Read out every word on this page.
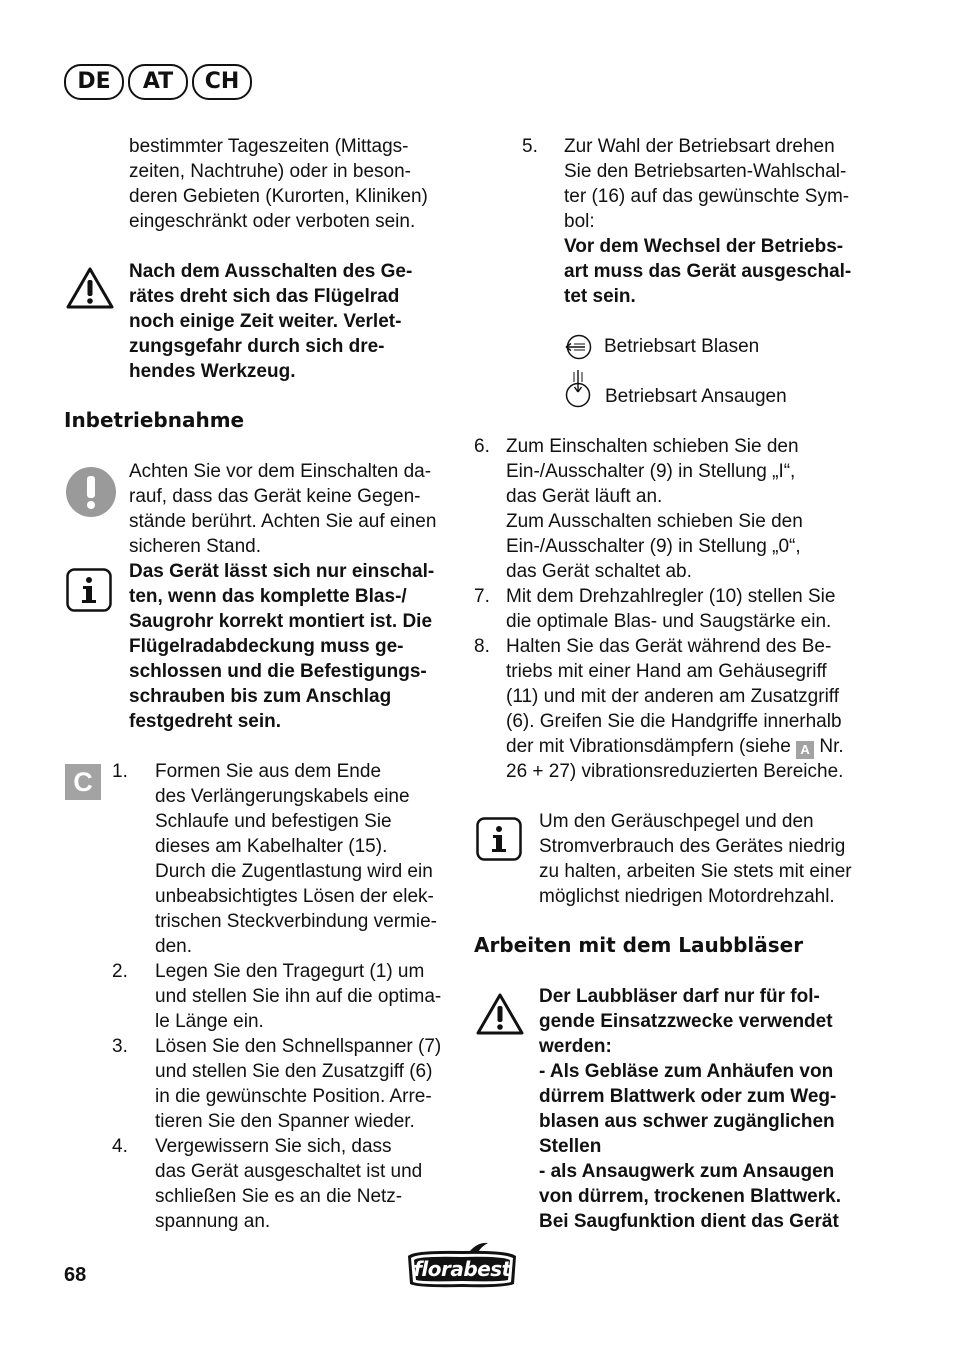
DE	AT	CH

bestimmter Tageszeiten (Mittags-

zeiten, Nachtruhe) oder in beson-

deren Gebieten (Kurorten, Kliniken)

eingeschränkt oder verboten sein.

Nach dem Ausschalten des Ge-

rätes dreht sich das Flügelrad

noch einige Zeit weiter. Verlet-

zungsgefahr durch sich dre-

hendes Werkzeug.

Inbetriebnahme

Achten Sie vor dem Einschalten da-

rauf, dass das Gerät keine Gegen-

stände berührt. Achten Sie auf einen

sicheren Stand.

Das Gerät lässt sich nur einschal-

ten, wenn das komplette Blas-/

Saugrohr korrekt montiert ist. Die

Flügelradabdeckung muss ge-

schlossen und die Befestigungs-

schrauben bis zum Anschlag

festgedreht sein.

C	1. Formen Sie aus dem Ende

des Verlängerungskabels eine

Schlaufe und befestigen Sie

dieses am Kabelhalter (15).

Durch die Zugentlastung wird ein

unbeabsichtigtes Lösen der elek-

trischen Steckverbindung vermie-

den.

2. Legen Sie den Tragegurt (1) um

und stellen Sie ihn auf die optima-

le Länge ein.

3. Lösen Sie den Schnellspanner (7)

und stellen Sie den Zusatzgiff (6)

in die gewünschte Position. Arre-

tieren Sie den Spanner wieder.

4. Vergewissern Sie sich, dass

das Gerät ausgeschaltet ist und

schließen Sie es an die Netz-

spannung an.

5. Zur Wahl der Betriebsart drehen

Sie den Betriebsarten-Wahlschal-

ter (16) auf das gewünschte Sym-

bol:

Vor dem Wechsel der Betriebs-

art muss das Gerät ausgeschal-

tet sein.

Betriebsart Blasen
Betriebsart Ansaugen
6. Zum Einschalten schieben Sie den

Ein-/Ausschalter (9) in Stellung „I“,

das Gerät läuft an.

Zum Ausschalten schieben Sie den

Ein-/Ausschalter (9) in Stellung „0“,

das Gerät schaltet ab.

7. Mit dem Drehzahlregler (10) stellen Sie

die optimale Blas- und Saugstärke ein.

8. Halten Sie das Gerät während des Be-

triebs mit einer Hand am Gehäusegriff

(11) und mit der anderen am Zusatzgriff

(6). Greifen Sie die Handgriffe innerhalb

der mit Vibrationsdämpfern (siehe A Nr.

26 + 27) vibrationsreduzierten Bereiche.

Um den Geräuschpegel und den

Stromverbrauch des Gerätes niedrig

zu halten, arbeiten Sie stets mit einer

möglichst niedrigen Motordrehzahl.

Arbeiten mit dem Laubbläser

Der Laubbläser darf nur für fol-

gende Einsatzzwecke verwendet

werden:

- Als Gebläse zum Anhäufen von

dürrem Blattwerk oder zum Weg-

blasen aus schwer zugänglichen

Stellen

- als Ansaugwerk zum Ansaugen

von dürrem, trockenen Blattwerk.

Bei Saugfunktion dient das Gerät

68	florabest
